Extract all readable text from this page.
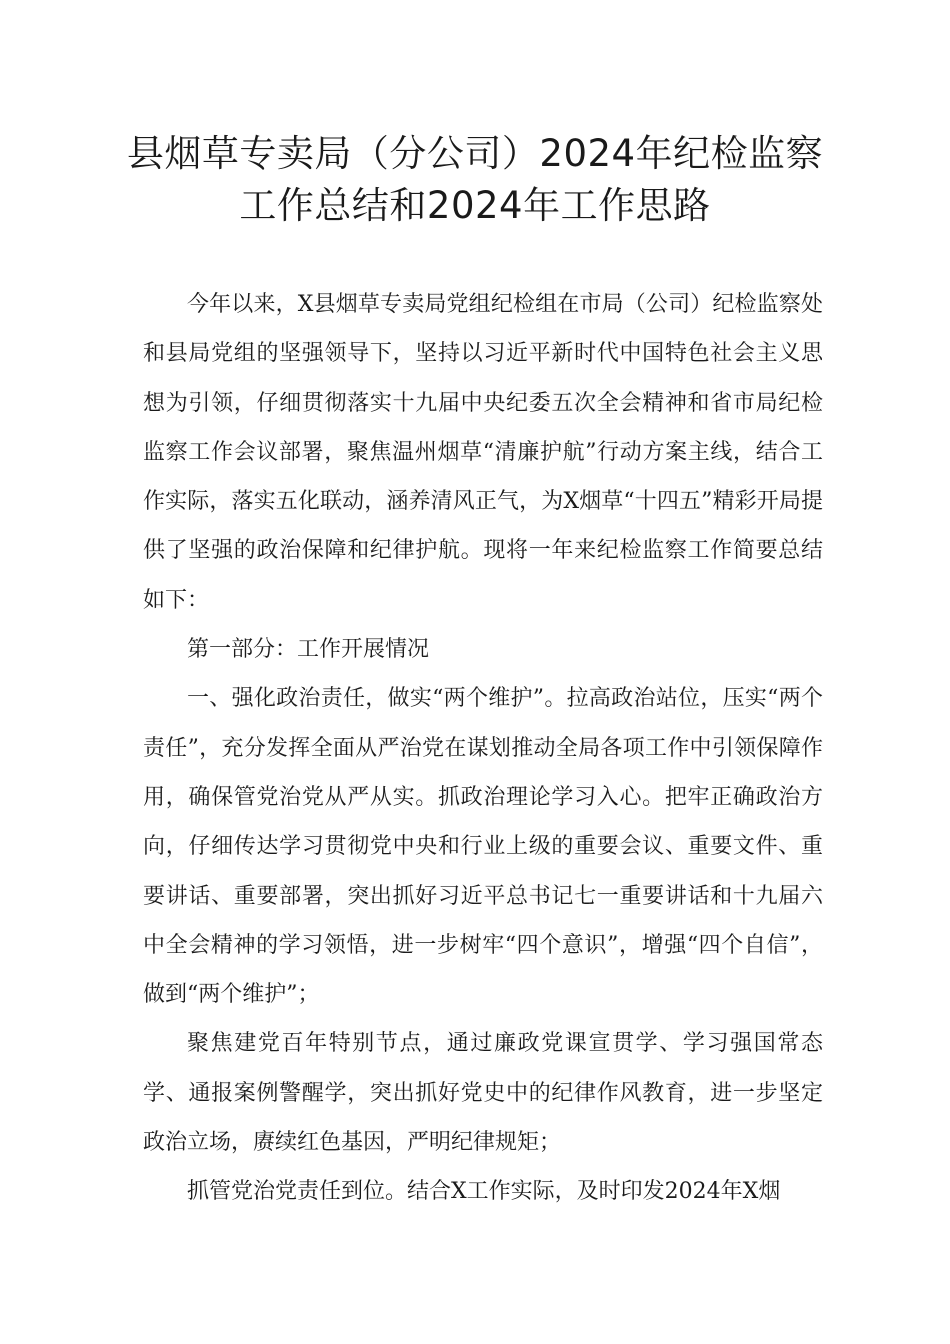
县烟草专卖局（分公司）2024年纪检监察工作总结和2024年工作思路

今年以来，X县烟草专卖局党组纪检组在市局（公司）纪检监察处和县局党组的坚强领导下，坚持以习近平新时代中国特色社会主义思想为引领，仔细贯彻落实十九届中央纪委五次全会精神和省市局纪检监察工作会议部署，聚焦温州烟草“清廉护航”行动方案主线，结合工作实际，落实五化联动，涵养清风正气，为X烟草“十四五”精彩开局提供了坚强的政治保障和纪律护航。现将一年来纪检监察工作简要总结如下：

第一部分：工作开展情况

一、强化政治责任，做实“两个维护”。拉高政治站位，压实“两个责任”，充分发挥全面从严治党在谋划推动全局各项工作中引领保障作用，确保管党治党从严从实。抓政治理论学习入心。把牢正确政治方向，仔细传达学习贯彻党中央和行业上级的重要会议、重要文件、重要讲话、重要部署，突出抓好习近平总书记七一重要讲话和十九届六中全会精神的学习领悟，进一步树牢“四个意识”，增强“四个自信”，做到“两个维护”；

聚焦建党百年特别节点，通过廉政党课宣贯学、学习强国常态学、通报案例警醒学，突出抓好党史中的纪律作风教育，进一步坚定政治立场，赓续红色基因，严明纪律规矩；

抓管党治党责任到位。结合X工作实际，及时印发2024年X烟
